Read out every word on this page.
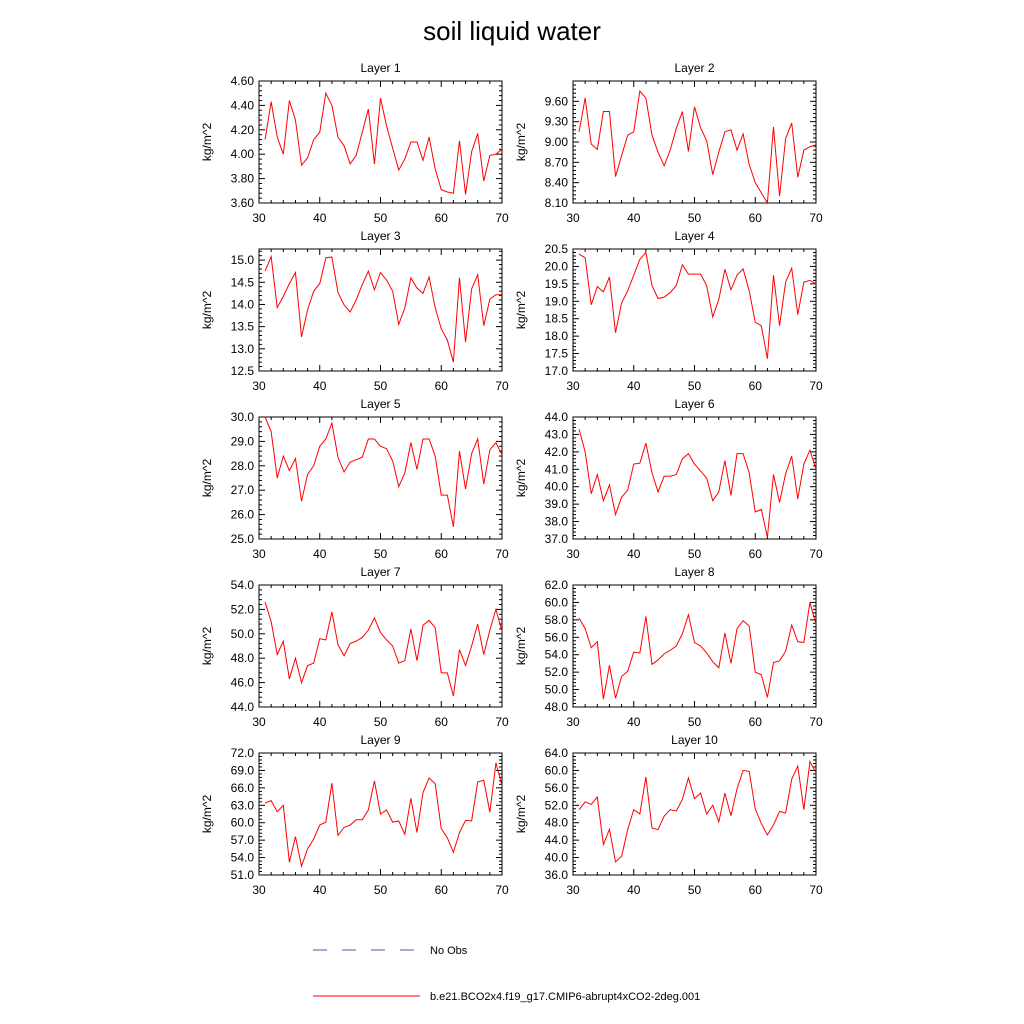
soil liquid water
Layer 1
kg/m^2
30	40	50	60	70
3.60
3.80
4.00
4.20
4.40
4.60
Layer 2
kg/m^2
30	40	50	60	70
8.10
8.40
8.70
9.00
9.30
9.60
Layer 3
kg/m^2
30	40	50	60	70
12.5
13.0
13.5
14.0
14.5
15.0
Layer 4
kg/m^2
30	40	50	60	70
17.0
17.5
18.0
18.5
19.0
19.5
20.0
20.5
Layer 5
kg/m^2
30	40	50	60	70
25.0
26.0
27.0
28.0
29.0
30.0
Layer 6
kg/m^2
30	40	50	60	70
37.0
38.0
39.0
40.0
41.0
42.0
43.0
44.0
Layer 7
kg/m^2
30	40	50	60	70
44.0
46.0
48.0
50.0
52.0
54.0
Layer 8
kg/m^2
30	40	50	60	70
48.0
50.0
52.0
54.0
56.0
58.0
60.0
62.0
Layer 9
kg/m^2
30	40	50	60	70
51.0
54.0
57.0
60.0
63.0
66.0
69.0
72.0
Layer 10
kg/m^2
30	40	50	60	70
36.0
40.0
44.0
48.0
52.0
56.0
60.0
64.0
No Obs
b.e21.BCO2x4.f19_g17.CMIP6-abrupt4xCO2-2deg.001
